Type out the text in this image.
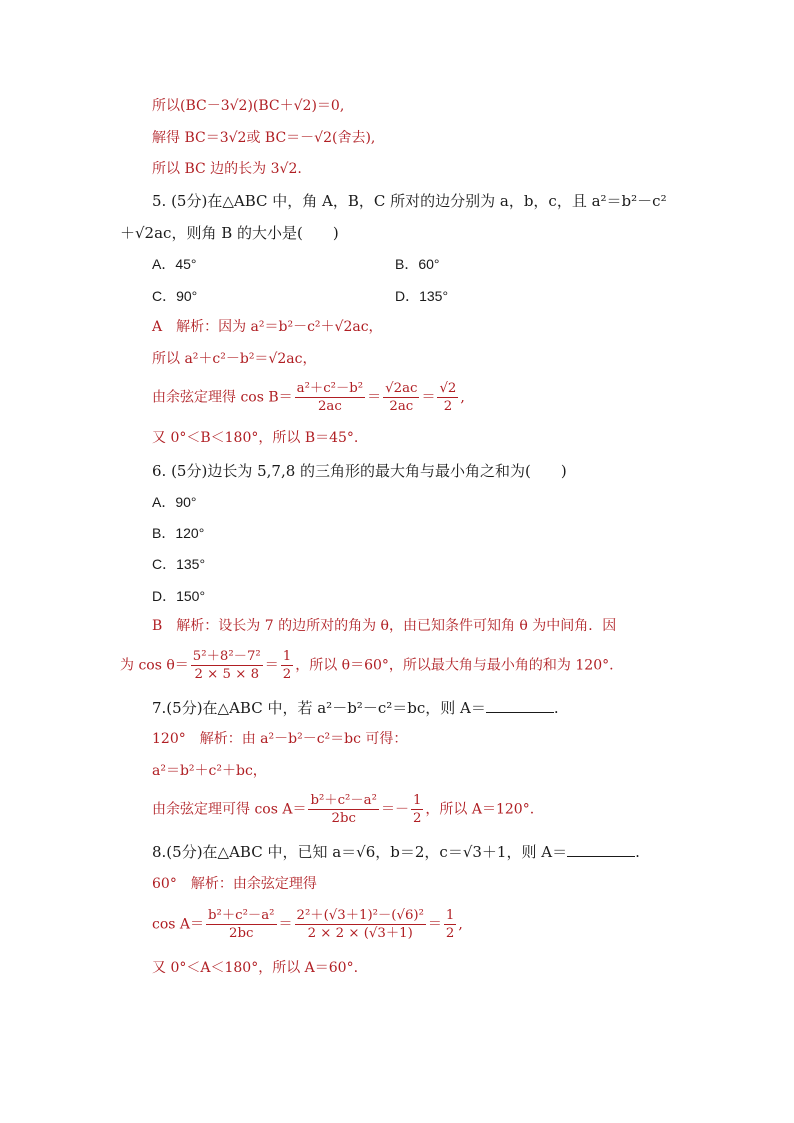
所以(BC－3√2)(BC＋√2)＝0,
解得 BC＝3√2或 BC＝－√2(舍去),
所以 BC 边的长为 3√2.
5. (5分)在△ABC 中，角 A，B，C 所对的边分别为 a，b，c，且 a²＝b²－c²
＋√2ac，则角 B 的大小是(　　)
A．45°	B．60°
C．90°	D．135°
A　解析：因为 a²＝b²－c²＋√2ac，
所以 a²＋c²－b²＝√2ac，
由余弦定理得 $\cos B= \frac{\text{a²＋c²－b²}}{2ac} = \frac{√2ac}{2ac} = \frac{√2}{2}$ ,
又 0°＜B＜180°，所以 B＝45°.
6. (5分)边长为 5,7,8 的三角形的最大角与最小角之和为(　　)
A．90°
B．120°
C．135°
D．150°
B　解析：设长为 7 的边所对的角为 θ，由已知条件可知角 θ 为中间角．因
为 $\cos \theta= \frac{\text{5²＋8²－7²}}{2 \times 5 \times 8} = \frac{1}{2}$ ，所以 θ＝60°，所以最大角与最小角的和为 120°.
7.(5分)在△ABC 中，若 a²－b²－c²＝bc，则 A＝	.
120°　解析：由 a²－b²－c²＝bc 可得：
a²＝b²＋c²＋bc，
由余弦定理可得 $\cos A= \frac{\text{b²＋c²－a²}}{2bc} =- \frac{1}{2}$ ，所以 A＝120°.
8.(5分)在△ABC 中，已知 a＝√6，b＝2，c＝√3＋1，则 A＝	.
60°　解析：由余弦定理得
$\cos A= \frac{\text{b²＋c²－a²}}{2bc} = \frac{\text{2²＋(√3＋1)²－(√6)²}}{2 \times 2 \times (√3+1)} = \frac{1}{2}$ ,
又 0°＜A＜180°，所以 A＝60°.
